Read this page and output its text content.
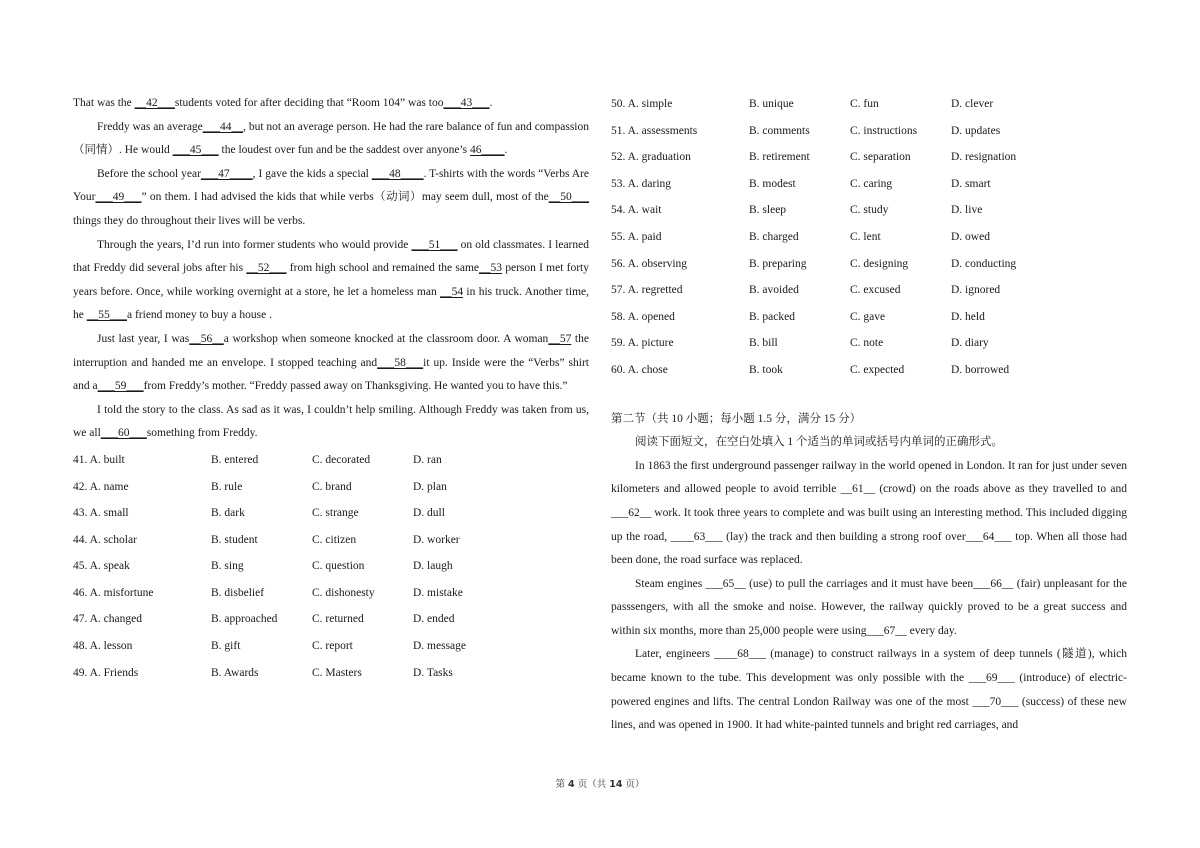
That was the __42___students voted for after deciding that “Room 104” was too___43___.

Freddy was an average___44__, but not an average person. He had the rare balance of fun and compassion（同情）. He would ___45___ the loudest over fun and be the saddest over anyone’s 46____.

Before the school year___47____, I gave the kids a special ___48____. T-shirts with the words “Verbs Are Your___49___” on them. I had advised the kids that while verbs（动词）may seem dull, most of the__50___ things they do throughout their lives will be verbs.

Through the years, I’d run into former students who would provide ___51___ on old classmates. I learned that Freddy did several jobs after his __52___ from high school and remained the same__53 person I met forty years before. Once, while working overnight at a store, he let a homeless man __54 in his truck. Another time, he __55___a friend money to buy a house .

Just last year, I was__56__a workshop when someone knocked at the classroom door. A woman__57 the interruption and handed me an envelope. I stopped teaching and___58___it up. Inside were the “Verbs” shirt and a___59___from Freddy’s mother. “Freddy passed away on Thanksgiving. He wanted you to have this.”

I told the story to the class. As sad as it was, I couldn’t help smiling. Although Freddy was taken from us, we all___60___something from Freddy.

41. A. built	B. entered	C. decorated	D. ran
42. A. name	B. rule	C. brand	D. plan
43. A. small	B. dark	C. strange	D. dull
44. A. scholar	B. student	C. citizen	D. worker
45. A. speak	B. sing	C. question	D. laugh
46. A. misfortune	B. disbelief	C. dishonesty	D. mistake
47. A. changed	B. approached	C. returned	D. ended
48. A. lesson	B. gift	C. report	D. message
49. A. Friends	B. Awards	C. Masters	D. Tasks
50. A. simple	B. unique	C. fun	D. clever
51. A. assessments	B. comments	C. instructions	D. updates
52. A. graduation	B. retirement	C. separation	D. resignation
53. A. daring	B. modest	C. caring	D. smart
54. A. wait	B. sleep	C. study	D. live
55. A. paid	B. charged	C. lent	D. owed
56. A. observing	B. preparing	C. designing	D. conducting
57. A. regretted	B. avoided	C. excused	D. ignored
58. A. opened	B. packed	C. gave	D. held
59. A. picture	B. bill	C. note	D. diary
60. A. chose	B. took	C. expected	D. borrowed

第二节（共 10 小题；每小题 1.5 分，满分 15 分）

阅读下面短文，在空白处填入 1 个适当的单词或括号内单词的正确形式。

In 1863 the first underground passenger railway in the world opened in London. It ran for just under seven kilometers and allowed people to avoid terrible __61__ (crowd) on the roads above as they travelled to and ___62__ work. It took three years to complete and was built using an interesting method. This included digging up the road, ____63___ (lay) the track and then building a strong roof over___64___ top. When all those had been done, the road surface was replaced.

Steam engines ___65__ (use) to pull the carriages and it must have been___66__ (fair) unpleasant for the passsengers, with all the smoke and noise. However, the railway quickly proved to be a great success and within six months, more than 25,000 people were using___67__ every day.

Later, engineers ____68___ (manage) to construct railways in a system of deep tunnels (隧道), which became known to the tube. This development was only possible with the ___69___ (introduce) of electric-powered engines and lifts. The central London Railway was one of the most ___70___ (success) of these new lines, and was opened in 1900. It had white-painted tunnels and bright red carriages, and

第 4 页（共 14 页）
